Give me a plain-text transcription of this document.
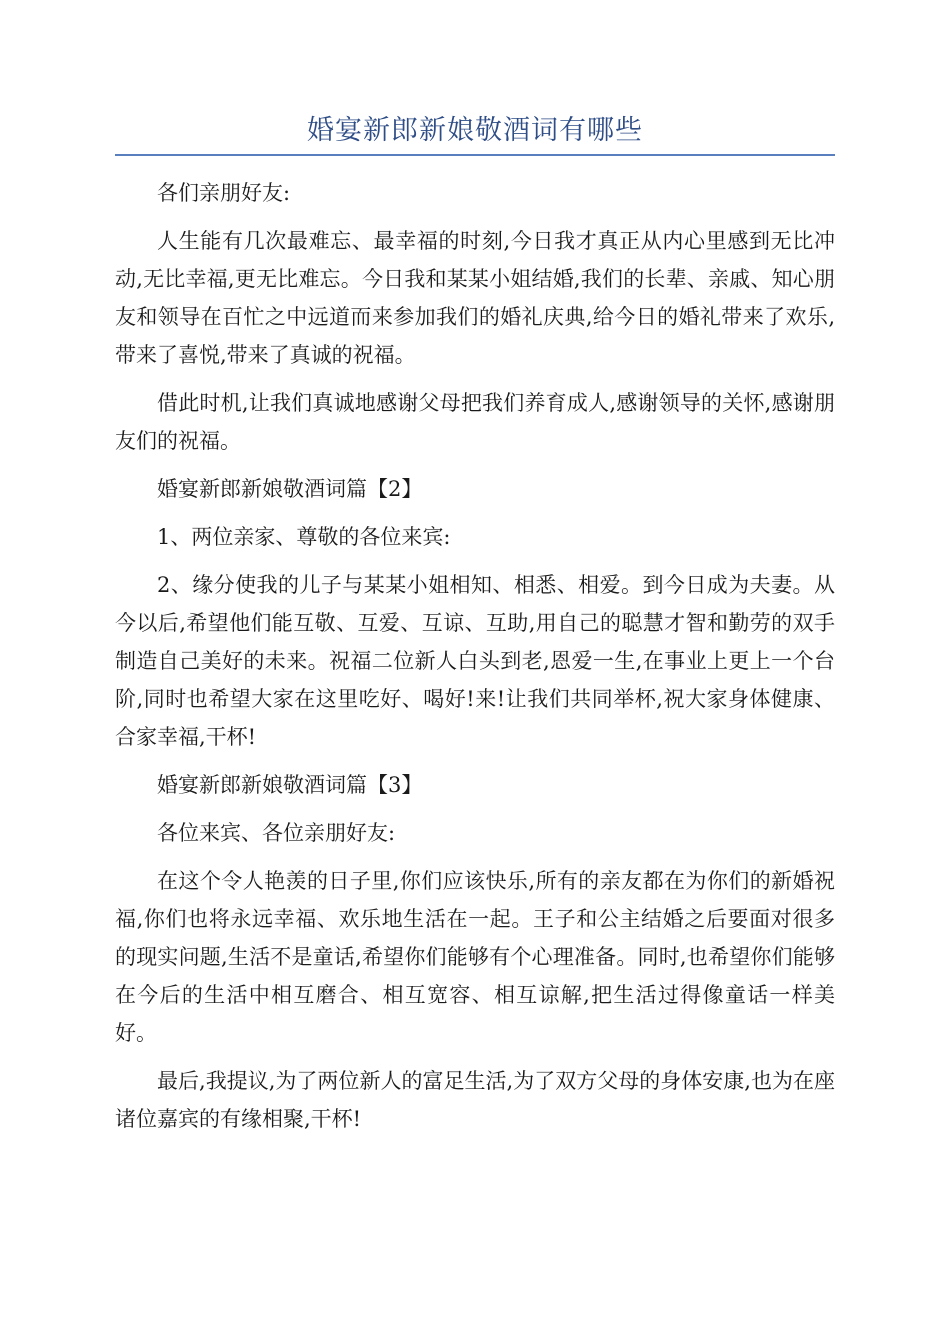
婚宴新郎新娘敬酒词有哪些

各们亲朋好友:

人生能有几次最难忘、最幸福的时刻,今日我才真正从内心里感到无比冲动,无比幸福,更无比难忘。今日我和某某小姐结婚,我们的长辈、亲戚、知心朋友和领导在百忙之中远道而来参加我们的婚礼庆典,给今日的婚礼带来了欢乐,带来了喜悦,带来了真诚的祝福。

借此时机,让我们真诚地感谢父母把我们养育成人,感谢领导的关怀,感谢朋友们的祝福。

婚宴新郎新娘敬酒词篇【2】

1、两位亲家、尊敬的各位来宾:

2、缘分使我的儿子与某某小姐相知、相悉、相爱。到今日成为夫妻。从今以后,希望他们能互敬、互爱、互谅、互助,用自己的聪慧才智和勤劳的双手制造自己美好的未来。祝福二位新人白头到老,恩爱一生,在事业上更上一个台阶,同时也希望大家在这里吃好、喝好!来!让我们共同举杯,祝大家身体健康、合家幸福,干杯!

婚宴新郎新娘敬酒词篇【3】

各位来宾、各位亲朋好友:

在这个令人艳羡的日子里,你们应该快乐,所有的亲友都在为你们的新婚祝福,你们也将永远幸福、欢乐地生活在一起。王子和公主结婚之后要面对很多的现实问题,生活不是童话,希望你们能够有个心理准备。同时,也希望你们能够在今后的生活中相互磨合、相互宽容、相互谅解,把生活过得像童话一样美好。

最后,我提议,为了两位新人的富足生活,为了双方父母的身体安康,也为在座诸位嘉宾的有缘相聚,干杯!
